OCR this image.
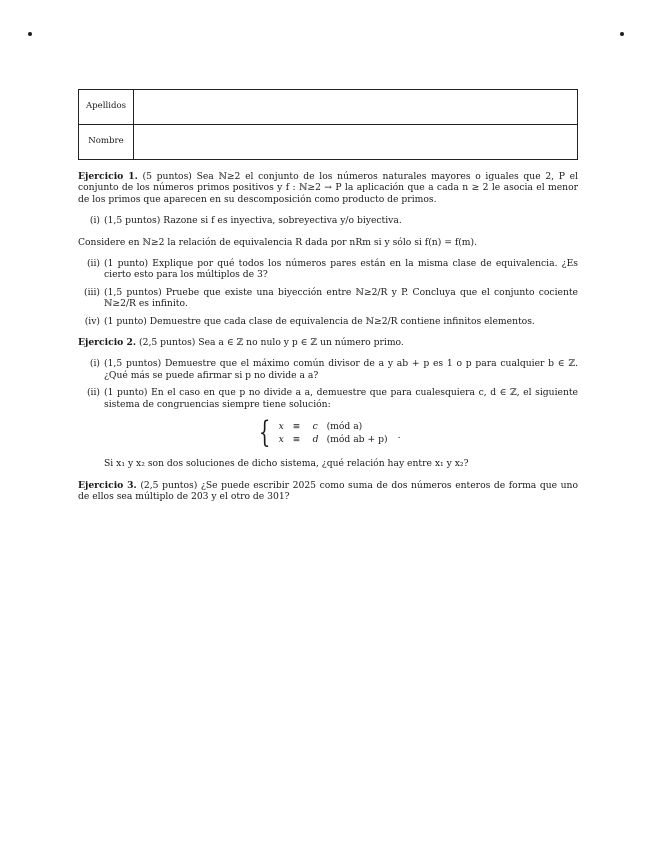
Apellidos	
Nombre	

Ejercicio 1. (5 puntos) Sea ℕ≥2 el conjunto de los números naturales mayores o iguales que 2, P el conjunto de los números primos positivos y f : ℕ≥2 → P la aplicación que a cada n ≥ 2 le asocia el menor de los primos que aparecen en su descomposición como producto de primos.

(i) (1,5 puntos) Razone si f es inyectiva, sobreyectiva y/o biyectiva.

Considere en ℕ≥2 la relación de equivalencia R dada por nRm si y sólo si f(n) = f(m).

(ii) (1 punto) Explique por qué todos los números pares están en la misma clase de equivalencia. ¿Es cierto esto para los múltiplos de 3?
(iii) (1,5 puntos) Pruebe que existe una biyección entre ℕ≥2/R y P. Concluya que el conjunto cociente ℕ≥2/R es infinito.
(iv) (1 punto) Demuestre que cada clase de equivalencia de ℕ≥2/R contiene infinitos elementos.

Ejercicio 2. (2,5 puntos) Sea a ∈ ℤ no nulo y p ∈ ℤ un número primo.

(i) (1,5 puntos) Demuestre que el máximo común divisor de a y ab + p es 1 o p para cualquier b ∈ ℤ. ¿Qué más se puede afirmar si p no divide a a?
(ii) (1 punto) En el caso en que p no divide a a, demuestre que para cualesquiera c, d ∈ ℤ, el siguiente sistema de congruencias siempre tiene solución:
{ x ≡	c (mód a)
x ≡	d (mód ab + p) .

Si x₁ y x₂ son dos soluciones de dicho sistema, ¿qué relación hay entre x₁ y x₂?

Ejercicio 3. (2,5 puntos) ¿Se puede escribir 2025 como suma de dos números enteros de forma que uno de ellos sea múltiplo de 203 y el otro de 301?
